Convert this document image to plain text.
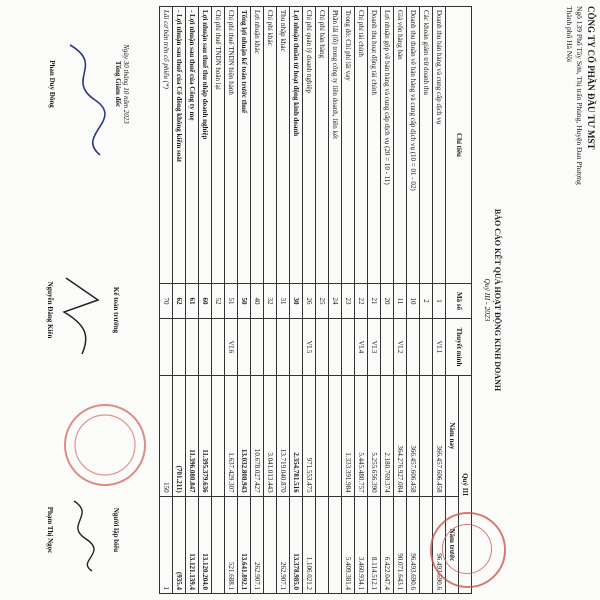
CÔNG TY CỔ PHẦN ĐẦU TƯ MST
Ngõ 139 Phố Tây Sơn, Thị trấn Phùng, Huyện Đan Phượng
Thành phố Hà Nội
BÁO CÁO KẾT QUẢ HOẠT ĐỘNG KINH DOANH
Quý III - 2023
Chỉ tiêu	Mã số	Thuyết minh	Quý III	
			Năm nay	Năm trước
Doanh thu bán hàng và cung cấp dịch vụ	1	VI.1	366.457.606.458	96.493.690.6
Các khoản giảm trừ doanh thu	2			
Doanh thu thuần về bán hàng và cung cấp dịch vụ (10 = 01 - 02)	10		366.457.606.458	96.493.690.6
Giá vốn hàng bán	11	VI.2	364.276.927.084	90.071.643.1
Lợi nhuận gộp về bán hàng và cung cấp dịch vụ (20 = 10 - 11)	20		2.180.769.374	6.422.047.4
Doanh thu hoạt động tài chính	21	VI.3	5.255.656.390	8.114.512.1
Chi phí tài chính	22	VI.4	5.445.480.757	3.460.934.1
Trong đó: Chi phí lãi vay	23		1.333.391.984	5.409.381.4
Phần lãi (lỗ) trong công ty liên doanh, liên kết	24			
Chi phí bán hàng	25			
Chi phí quản lý doanh nghiệp	26	VI.5	971.553.475	1.106.021.2
Lợi nhuận thuần từ hoạt động kinh doanh	30		2.354.781.516	13.378.985.0
Thu nhập khác	31		13.719.040.870	262.907.1
Chi phí khác	32		3.041.013.443	
Lợi nhuận khác	40		10.678.027.427	262.907.1
Tổng lợi nhuận kế toán trước thuế	50		13.032.808.943	13.641.892.1
Chi phí thuế TNDN hiện hành	51	VI.6	1.637.429.307	521.688.1
Chi phí thuế TNDN hoãn lại	52			
Lợi nhuận sau thuế thu nhập doanh nghiệp	60		11.395.379.636	13.120.204.0
- Lợi nhuận sau thuế của Công ty mẹ	61		11.396.080.847	13.121.139.4
- Lợi nhuận sau thuế của Cổ đông không kiểm soát	62		(701.211)	(935.4
Lãi cơ bản trên cổ phiếu (*)	70		150	1
Ngày 30 tháng 10 năm 2023
Tổng Giám đốc
Phan Duy Đông
Kế toán trưởng
Nguyễn Đăng Kiên
Người lập biểu
Phạm Thị Ngọc
